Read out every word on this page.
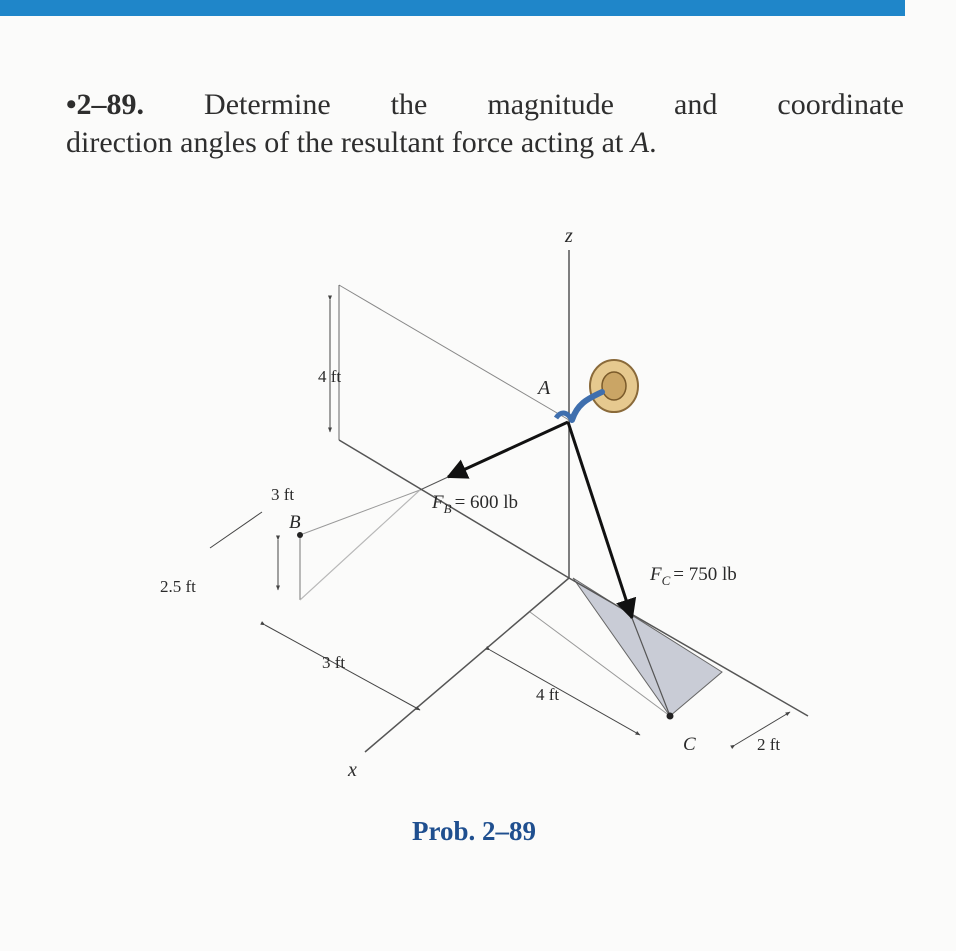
•2–89. Determine the magnitude and coordinate
direction angles of the resultant force acting at A.
z
x
A
B
C
$F_B = 600$ lb
$F_C = 750$ lb
4 ft
3 ft
2.5 ft
3 ft
4 ft
2 ft
Prob. 2–89
